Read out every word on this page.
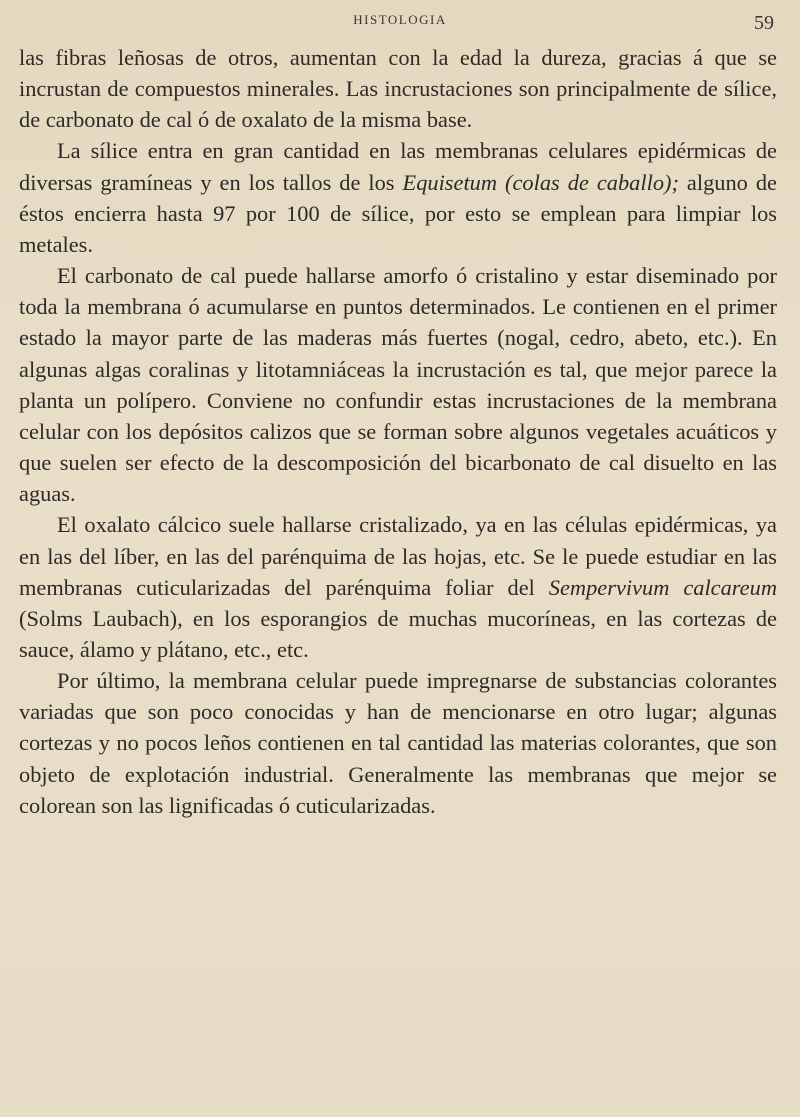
HISTOLOGIA	59

las fibras leñosas de otros, aumentan con la edad la dureza, gracias á que se incrustan de compuestos minerales. Las incrustaciones son principalmente de sílice, de carbonato de cal ó de oxalato de la misma base.

La sílice entra en gran cantidad en las membranas celulares epidérmicas de diversas gramíneas y en los tallos de los Equisetum (colas de caballo); alguno de éstos encierra hasta 97 por 100 de sílice, por esto se emplean para limpiar los metales.

El carbonato de cal puede hallarse amorfo ó cristalino y estar diseminado por toda la membrana ó acumularse en puntos determinados. Le contienen en el primer estado la mayor parte de las maderas más fuertes (nogal, cedro, abeto, etc.). En algunas algas coralinas y litotamniáceas la incrustación es tal, que mejor parece la planta un polípero. Conviene no confundir estas incrustaciones de la membrana celular con los depósitos calizos que se forman sobre algunos vegetales acuáticos y que suelen ser efecto de la descomposición del bicarbonato de cal disuelto en las aguas.

El oxalato cálcico suele hallarse cristalizado, ya en las células epidérmicas, ya en las del líber, en las del parénquima de las hojas, etc. Se le puede estudiar en las membranas cuticularizadas del parénquima foliar del Sempervivum calcareum (Solms Laubach), en los esporangios de muchas mucoríneas, en las cortezas de sauce, álamo y plátano, etc., etc.

Por último, la membrana celular puede impregnarse de substancias colorantes variadas que son poco conocidas y han de mencionarse en otro lugar; algunas cortezas y no pocos leños contienen en tal cantidad las materias colorantes, que son objeto de explotación industrial. Generalmente las membranas que mejor se colorean son las lignificadas ó cuticularizadas.
